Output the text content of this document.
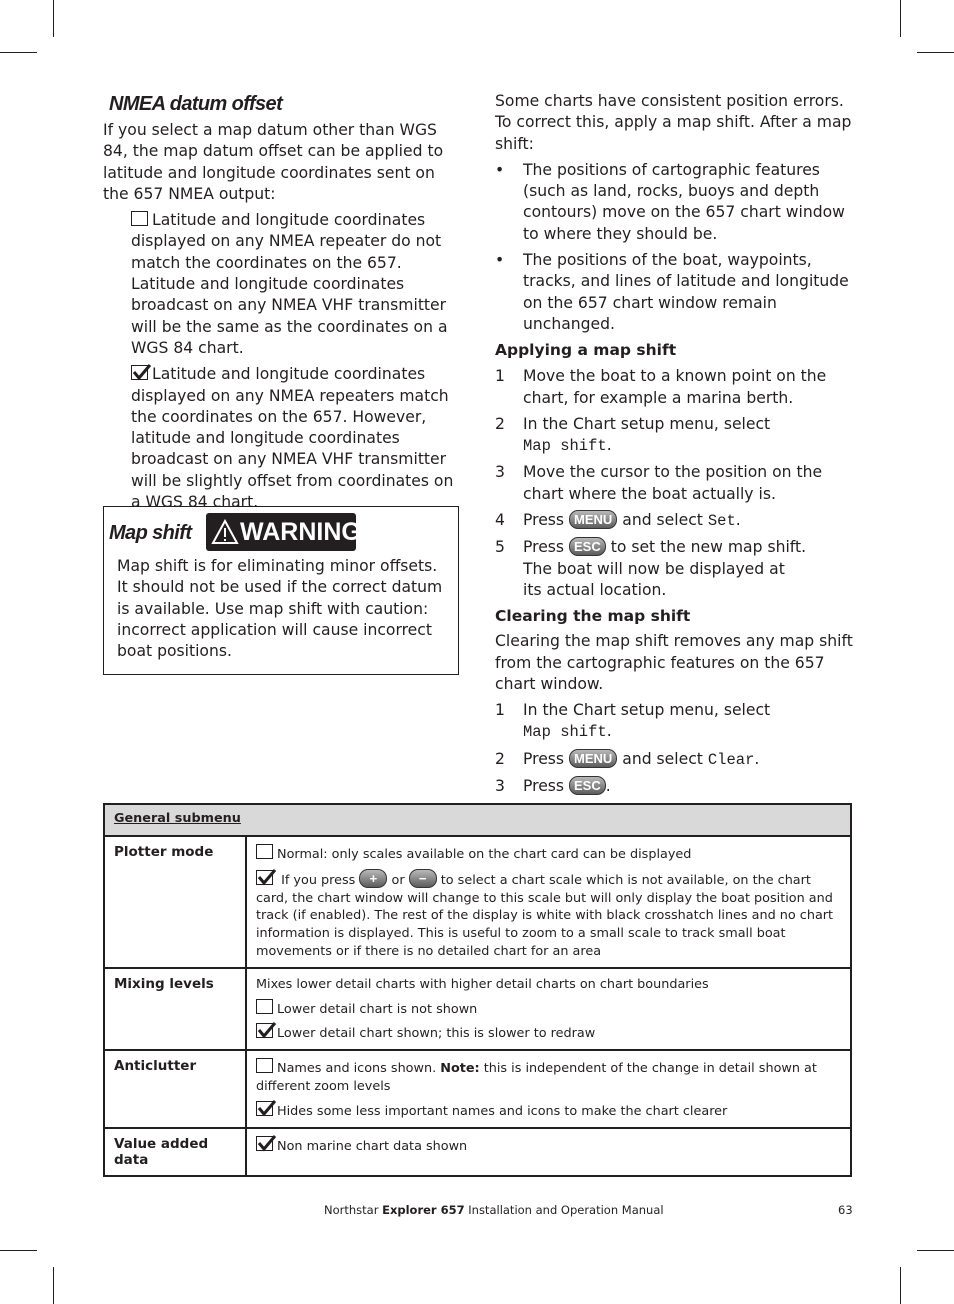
NMEA datum offset

If you select a map datum other than WGS 84, the map datum offset can be applied to latitude and longitude coordinates sent on the 657 NMEA output:

Latitude and longitude coordinates displayed on any NMEA repeater do not match the coordinates on the 657. Latitude and longitude coordinates broadcast on any NMEA VHF transmitter will be the same as the coordinates on a WGS 84 chart.
Latitude and longitude coordinates displayed on any NMEA repeaters match the coordinates on the 657. However, latitude and longitude coordinates broadcast on any NMEA VHF transmitter will be slightly offset from coordinates on a WGS 84 chart.
Map shift	WARNING

Map shift is for eliminating minor offsets. It should not be used if the correct datum is available. Use map shift with caution: incorrect application will cause incorrect boat positions.

Some charts have consistent position errors. To correct this, apply a map shift. After a map shift:

• The positions of cartographic features (such as land, rocks, buoys and depth contours) move on the 657 chart window to where they should be.
• The positions of the boat, waypoints, tracks, and lines of latitude and longitude on the 657 chart window remain unchanged.
Applying a map shift
1 Move the boat to a known point on the chart, for example a marina berth.
2 In the Chart setup menu, select
Map shift.
3 Move the cursor to the position on the chart where the boat actually is.
4 Press MENU and select Set.
5 Press ESC to set the new map shift.
The boat will now be displayed at its actual location.
Clearing the map shift

Clearing the map shift removes any map shift from the cartographic features on the 657 chart window.

1 In the Chart setup menu, select
Map shift.
2 Press MENU and select Clear.
3 Press ESC .
General submenu	
Plotter mode	Normal: only scales available on the chart card can be displayed
If you press + or − to select a chart scale which is not available, on the chart card, the chart window will change to this scale but will only display the boat position and track (if enabled). The rest of the display is white with black crosshatch lines and no chart information is displayed. This is useful to zoom to a small scale to track small boat movements or if there is no detailed chart for an area

Mixing levels	Mixes lower detail charts with higher detail charts on chart boundaries
Lower detail chart is not shown
Lower detail chart shown; this is slower to redraw

Anticlutter	Names and icons shown. Note: this is independent of the change in detail shown at different zoom levels
Hides some less important names and icons to make the chart clearer

Value added data	Non marine chart data shown
Northstar Explorer 657 Installation and Operation Manual	63
